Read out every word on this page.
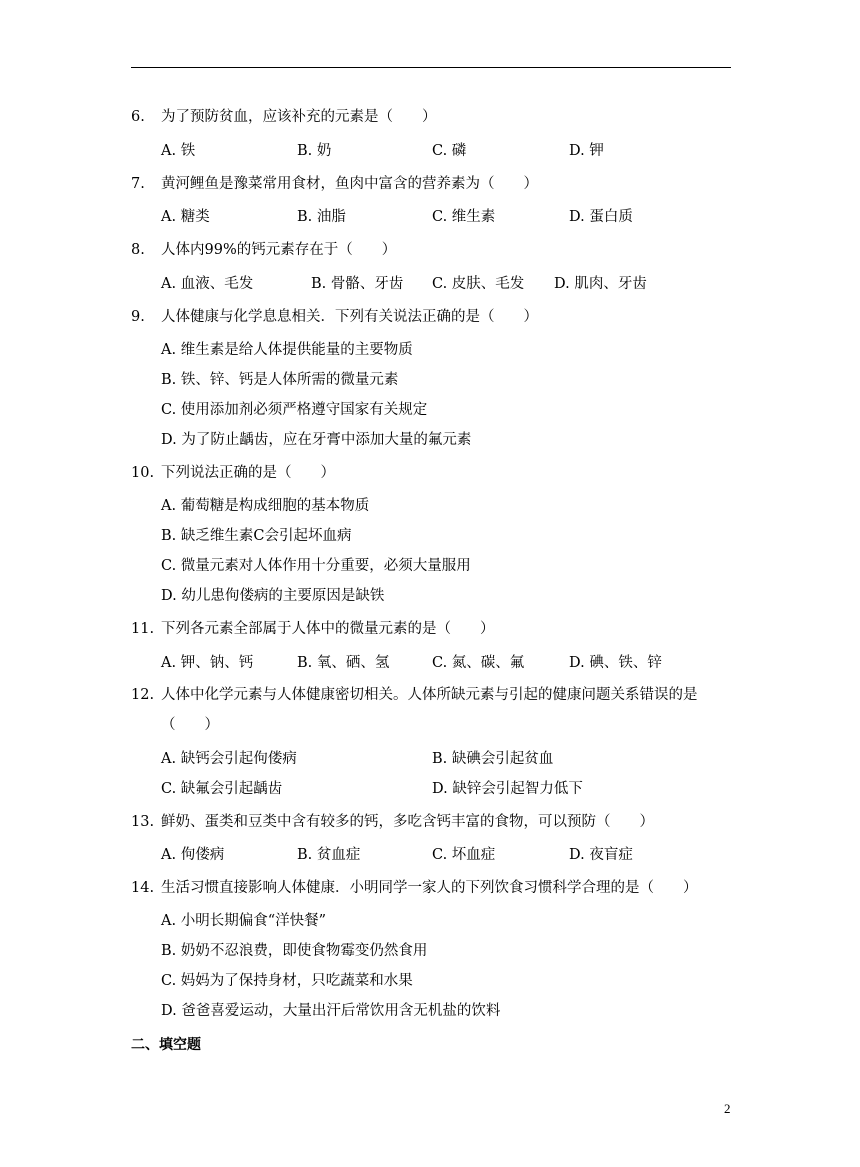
6. 为了预防贫血，应该补充的元素是（　　）
A. 铁	B. 奶	C. 磷	D. 钾
7. 黄河鲤鱼是豫菜常用食材，鱼肉中富含的营养素为（　　）
A. 糖类	B. 油脂	C. 维生素	D. 蛋白质
8. 人体内99%的钙元素存在于（　　）
A. 血液、毛发	B. 骨骼、牙齿 C. 皮肤、毛发 D. 肌肉、牙齿
9. 人体健康与化学息息相关．下列有关说法正确的是（　　）
A. 维生素是给人体提供能量的主要物质
B. 铁、锌、钙是人体所需的微量元素
C. 使用添加剂必须严格遵守国家有关规定
D. 为了防止龋齿，应在牙膏中添加大量的氟元素
10. 下列说法正确的是（　　）
A. 葡萄糖是构成细胞的基本物质
B. 缺乏维生素C会引起坏血病
C. 微量元素对人体作用十分重要，必须大量服用
D. 幼儿患佝偻病的主要原因是缺铁
11. 下列各元素全部属于人体中的微量元素的是（　　）
A. 钾、钠、钙	B. 氧、硒、氢	C. 氮、碳、氟	D. 碘、铁、锌
12. 人体中化学元素与人体健康密切相关。人体所缺元素与引起的健康问题关系错误的是
（　　）
A. 缺钙会引起佝偻病	B. 缺碘会引起贫血
C. 缺氟会引起龋齿	D. 缺锌会引起智力低下
13. 鲜奶、蛋类和豆类中含有较多的钙，多吃含钙丰富的食物，可以预防（　　）
A. 佝偻病	B. 贫血症	C. 坏血症	D. 夜盲症
14. 生活习惯直接影响人体健康．小明同学一家人的下列饮食习惯科学合理的是（　　）
A. 小明长期偏食“洋快餐”
B. 奶奶不忍浪费，即使食物霉变仍然食用
C. 妈妈为了保持身材，只吃蔬菜和水果
D. 爸爸喜爱运动，大量出汗后常饮用含无机盐的饮料
二、填空题
2
